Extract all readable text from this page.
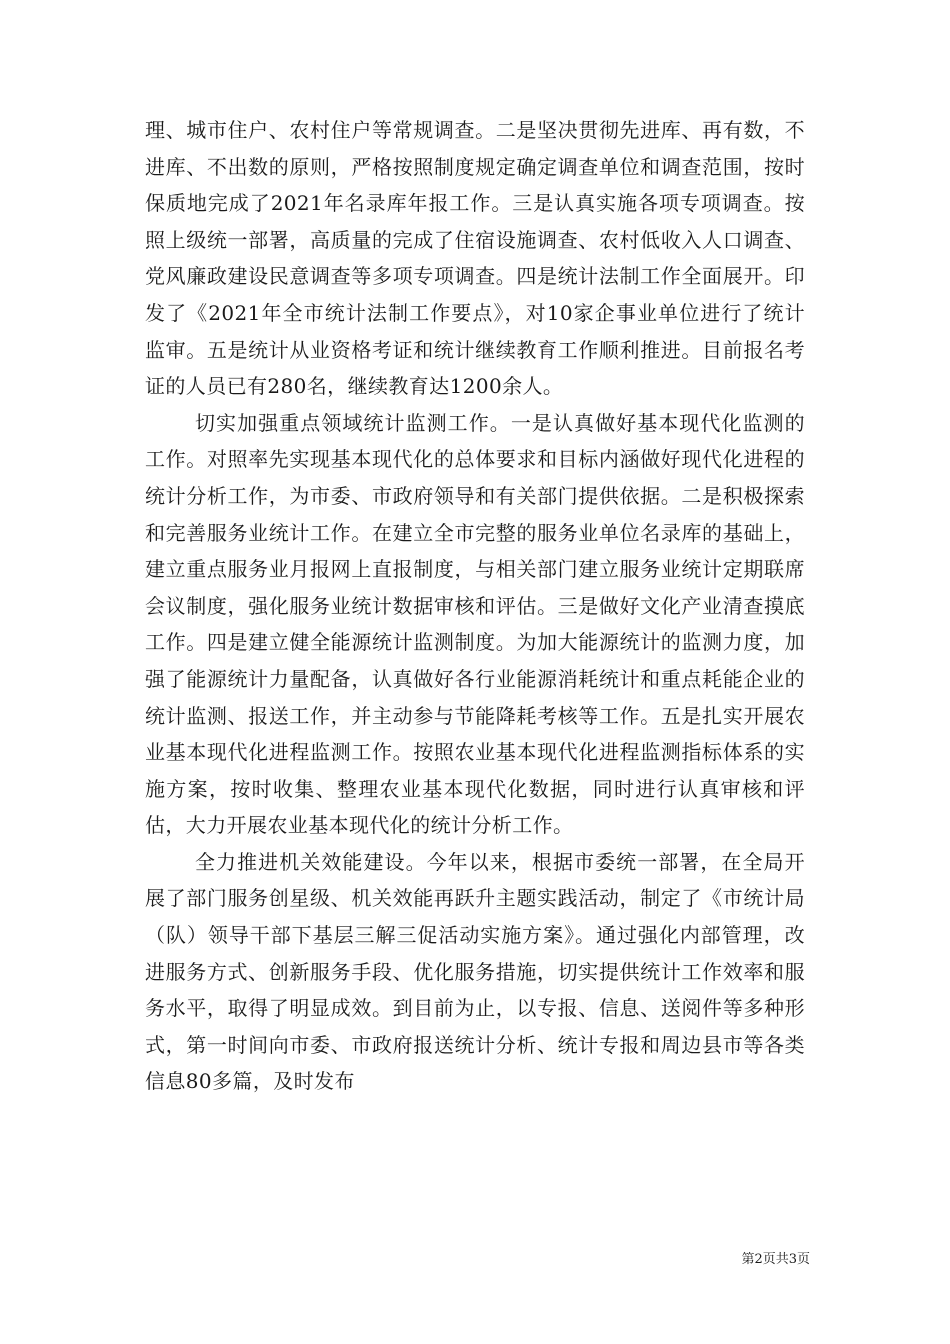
理、城市住户、农村住户等常规调查。二是坚决贯彻先进库、再有数，不进库、不出数的原则，严格按照制度规定确定调查单位和调查范围，按时保质地完成了2021年名录库年报工作。三是认真实施各项专项调查。按照上级统一部署，高质量的完成了住宿设施调查、农村低收入人口调查、党风廉政建设民意调查等多项专项调查。四是统计法制工作全面展开。印发了《2021年全市统计法制工作要点》，对10家企事业单位进行了统计监审。五是统计从业资格考证和统计继续教育工作顺利推进。目前报名考证的人员已有280名，继续教育达1200余人。

切实加强重点领域统计监测工作。一是认真做好基本现代化监测的工作。对照率先实现基本现代化的总体要求和目标内涵做好现代化进程的统计分析工作，为市委、市政府领导和有关部门提供依据。二是积极探索和完善服务业统计工作。在建立全市完整的服务业单位名录库的基础上，建立重点服务业月报网上直报制度，与相关部门建立服务业统计定期联席会议制度，强化服务业统计数据审核和评估。三是做好文化产业清查摸底工作。四是建立健全能源统计监测制度。为加大能源统计的监测力度，加强了能源统计力量配备，认真做好各行业能源消耗统计和重点耗能企业的统计监测、报送工作，并主动参与节能降耗考核等工作。五是扎实开展农业基本现代化进程监测工作。按照农业基本现代化进程监测指标体系的实施方案，按时收集、整理农业基本现代化数据，同时进行认真审核和评估，大力开展农业基本现代化的统计分析工作。

全力推进机关效能建设。今年以来，根据市委统一部署，在全局开展了部门服务创星级、机关效能再跃升主题实践活动，制定了《市统计局（队）领导干部下基层三解三促活动实施方案》。通过强化内部管理，改进服务方式、创新服务手段、优化服务措施，切实提供统计工作效率和服务水平，取得了明显成效。到目前为止，以专报、信息、送阅件等多种形式，第一时间向市委、市政府报送统计分析、统计专报和周边县市等各类信息80多篇，及时发布

第2页共3页
